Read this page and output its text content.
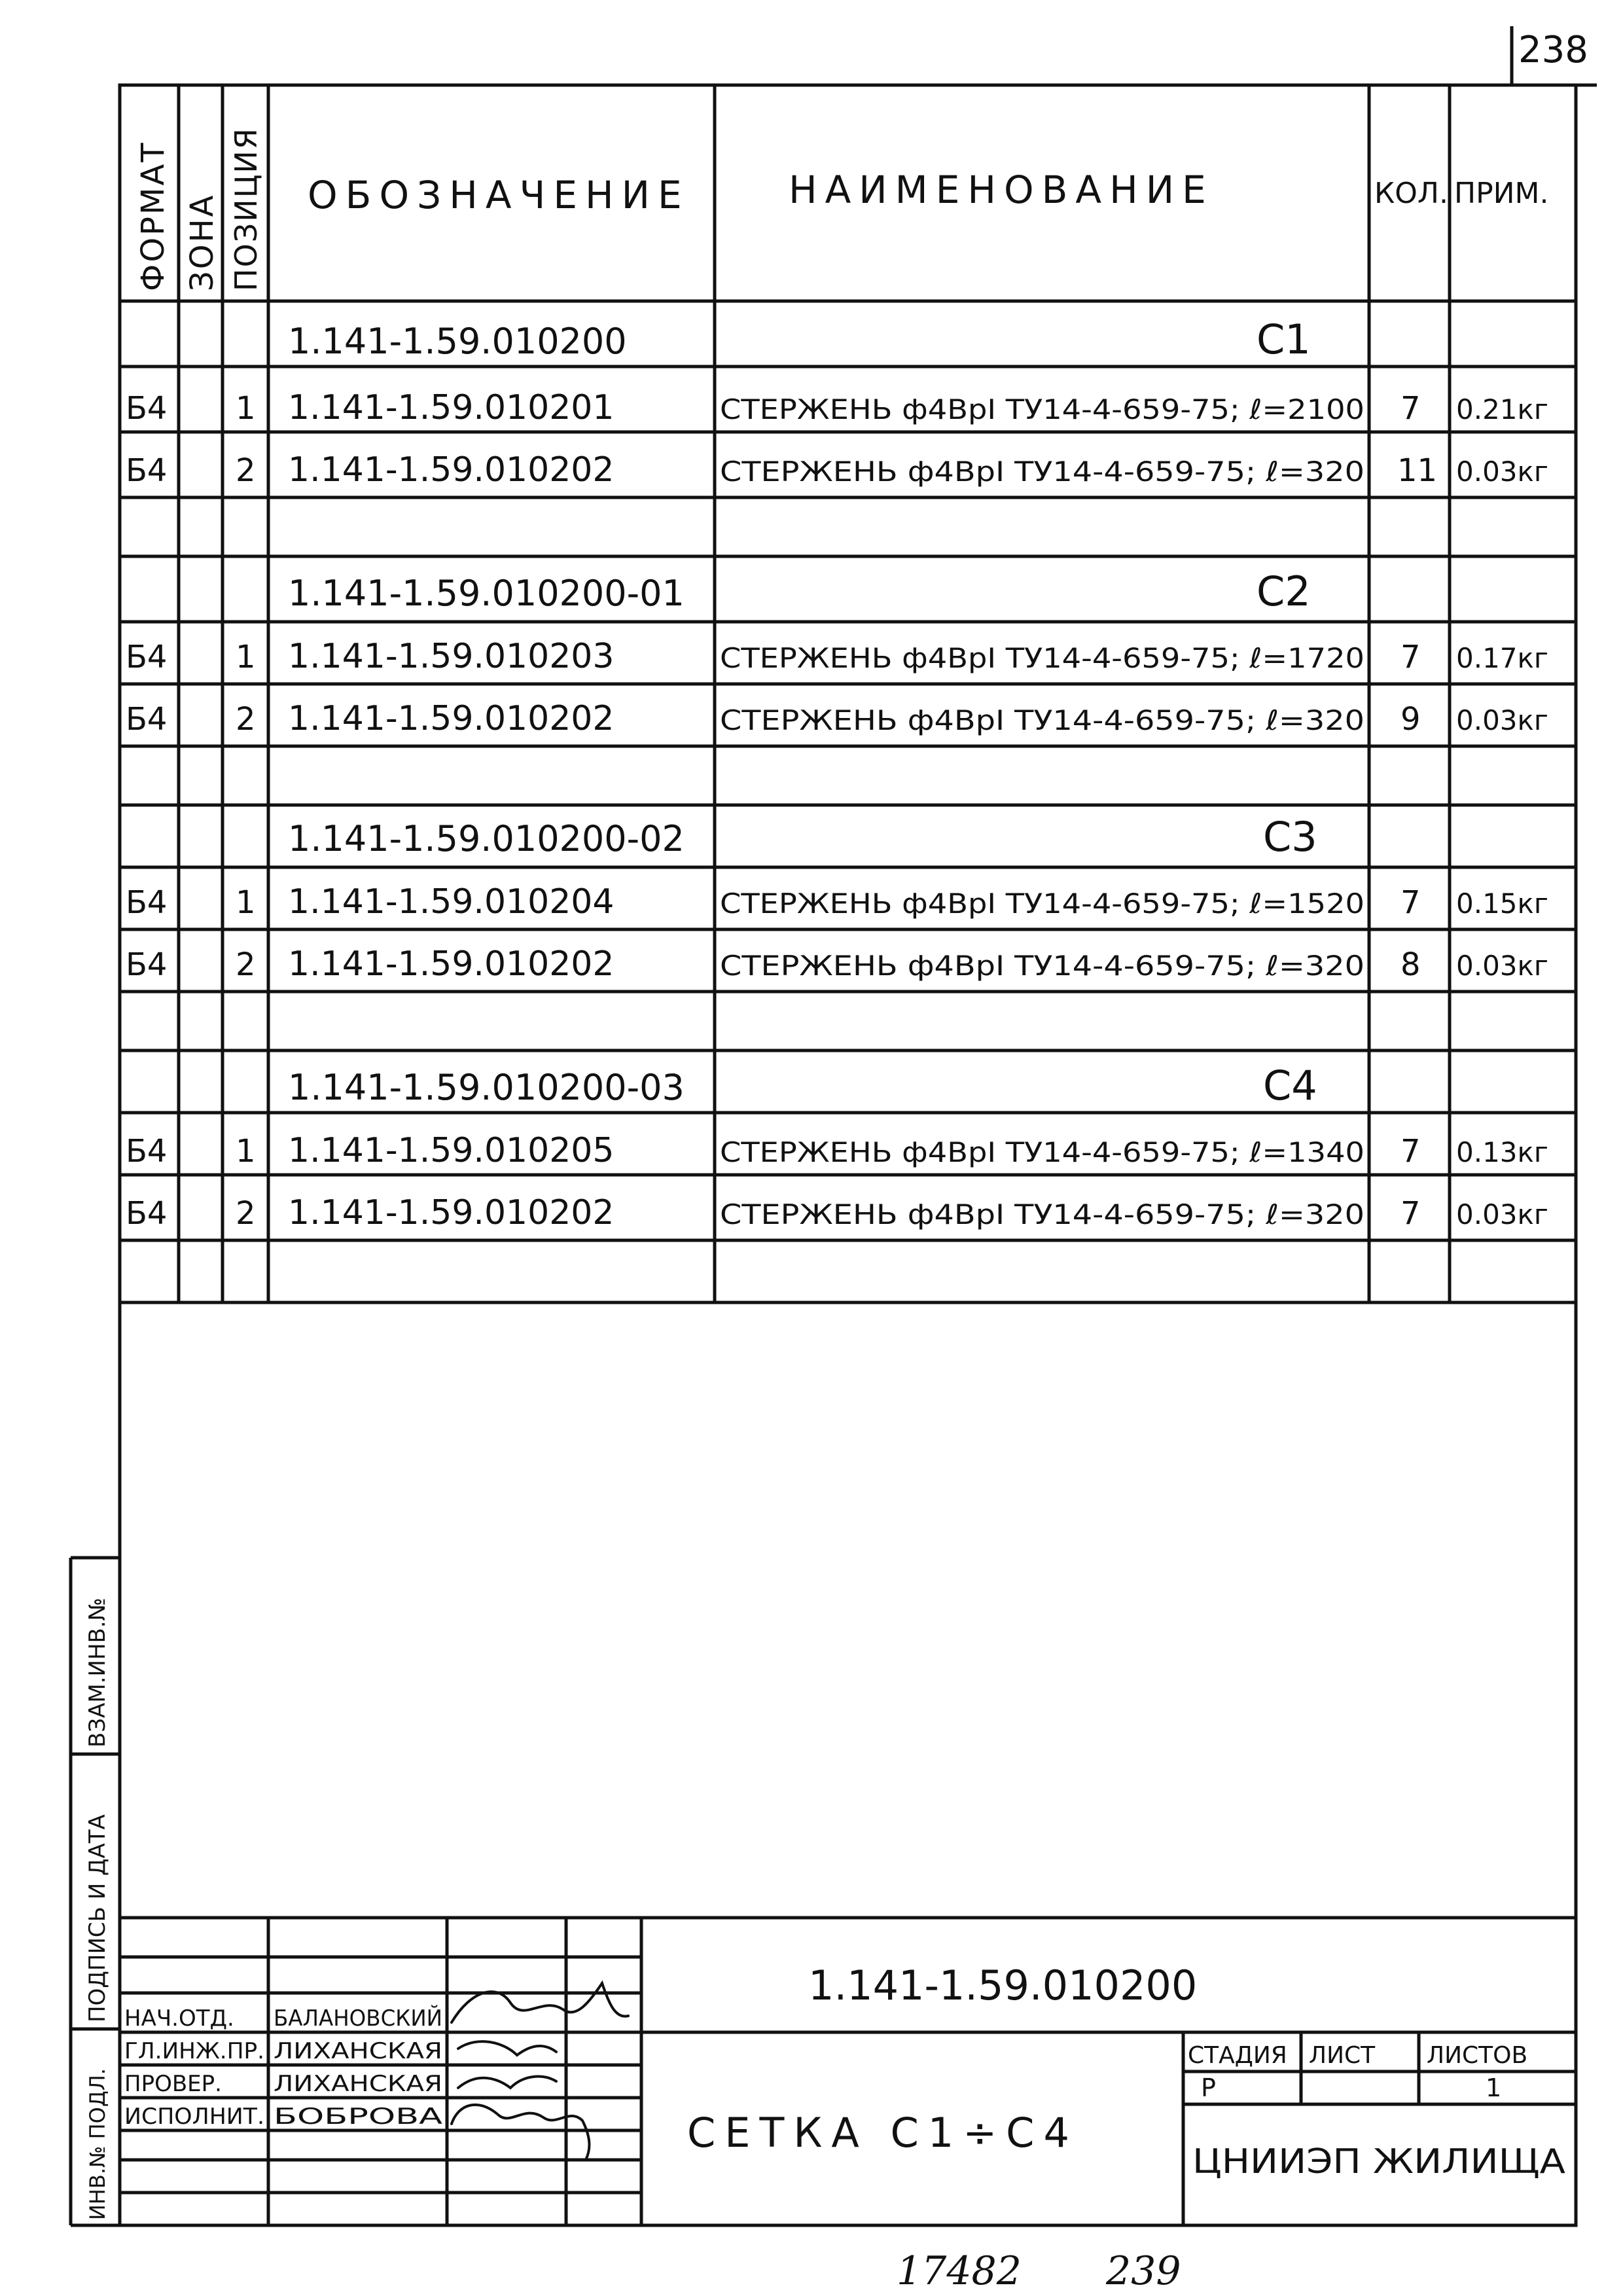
238
ФОРМАТ ЗОНА ПОЗИЦИЯ ОБОЗНАЧЕНИЕ	НАИМЕНОВАНИЕ	КОЛ. ПРИМ.
1.141-1.59.010200	С1
Б4 1 1.141-1.59.010201	СТЕРЖЕНЬ ф4ВрI ТУ14-4-659-75; ℓ=2100 7 0.21кг
Б4 2 1.141-1.59.010202	СТЕРЖЕНЬ ф4ВрI ТУ14-4-659-75; ℓ=320 11 0.03кг
1.141-1.59.010200-01	С2
Б4 1 1.141-1.59.010203	СТЕРЖЕНЬ ф4ВрI ТУ14-4-659-75; ℓ=1720 7 0.17кг
Б4 2 1.141-1.59.010202	СТЕРЖЕНЬ ф4ВрI ТУ14-4-659-75; ℓ=320 9 0.03кг
1.141-1.59.010200-02	С3
Б4 1 1.141-1.59.010204	СТЕРЖЕНЬ ф4ВрI ТУ14-4-659-75; ℓ=1520 7 0.15кг
Б4 2 1.141-1.59.010202	СТЕРЖЕНЬ ф4ВрI ТУ14-4-659-75; ℓ=320 8 0.03кг
1.141-1.59.010200-03	С4
Б4 1 1.141-1.59.010205	СТЕРЖЕНЬ ф4ВрI ТУ14-4-659-75; ℓ=1340 7 0.13кг
Б4 2 1.141-1.59.010202	СТЕРЖЕНЬ ф4ВрI ТУ14-4-659-75; ℓ=320 7 0.03кг
ВЗАМ.ИНВ.№
ПОДПИСЬ И ДАТА
ИНВ.№ ПОДЛ.
1.141-1.59.010200
СЕТКА С1÷С4
СТАДИЯ ЛИСТ ЛИСТОВ
Р	1
ЦНИИЭП ЖИЛИЩА
НАЧ.ОТД. БАЛАНОВСКИЙ
ГЛ.ИНЖ.ПР. ЛИХАНСКАЯ
ПРОВЕР. ЛИХАНСКАЯ
ИСПОЛНИТ. БОБРОВА
17482 239
